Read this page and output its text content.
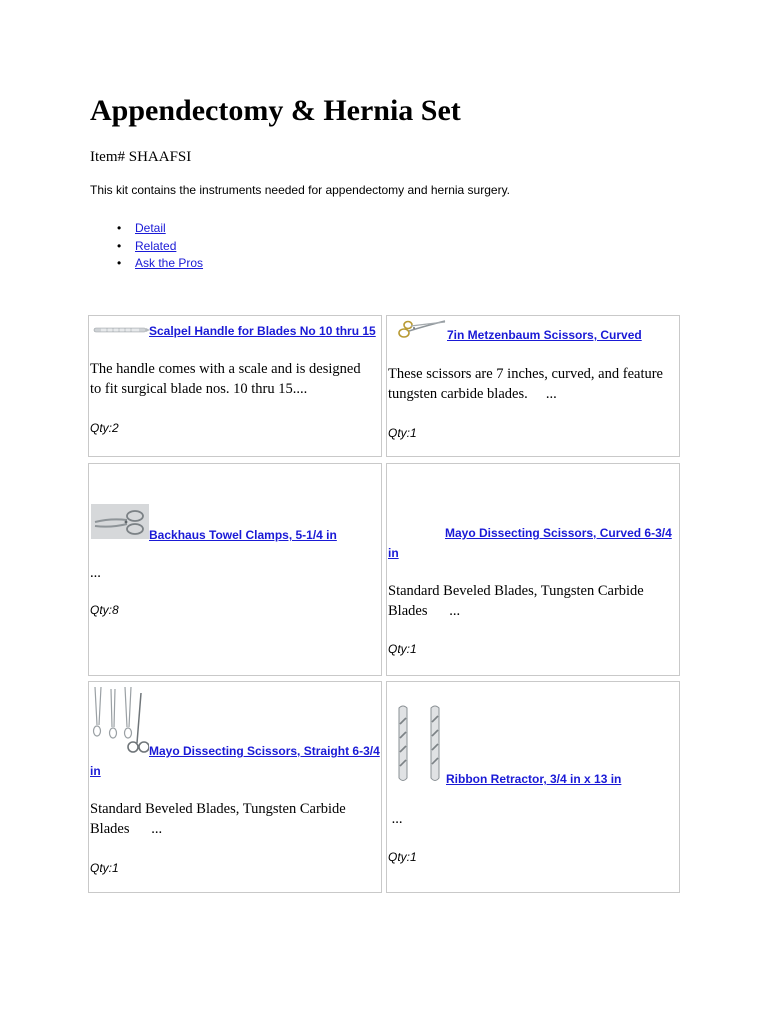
Appendectomy & Hernia Set

Item# SHAAFSI

This kit contains the instruments needed for appendectomy and hernia surgery.

• Detail
• Related
• Ask the Pros
Scalpel Handle for Blades No 10 thru 15
The handle comes with a scale and is designed
to fit surgical blade nos. 10 thru 15....
Qty:2
7in Metzenbaum Scissors, Curved
These scissors are 7 inches, curved, and feature
tungsten carbide blades.     ...
Qty:1
Backhaus Towel Clamps, 5-1/4 in
...
Qty:8
Mayo Dissecting Scissors, Curved 6-3/4
in
Standard Beveled Blades, Tungsten Carbide
Blades      ...
Qty:1
Mayo Dissecting Scissors, Straight 6-3/4
in
Standard Beveled Blades, Tungsten Carbide
Blades      ...
Qty:1
Ribbon Retractor, 3/4 in x 13 in
...
Qty:1
